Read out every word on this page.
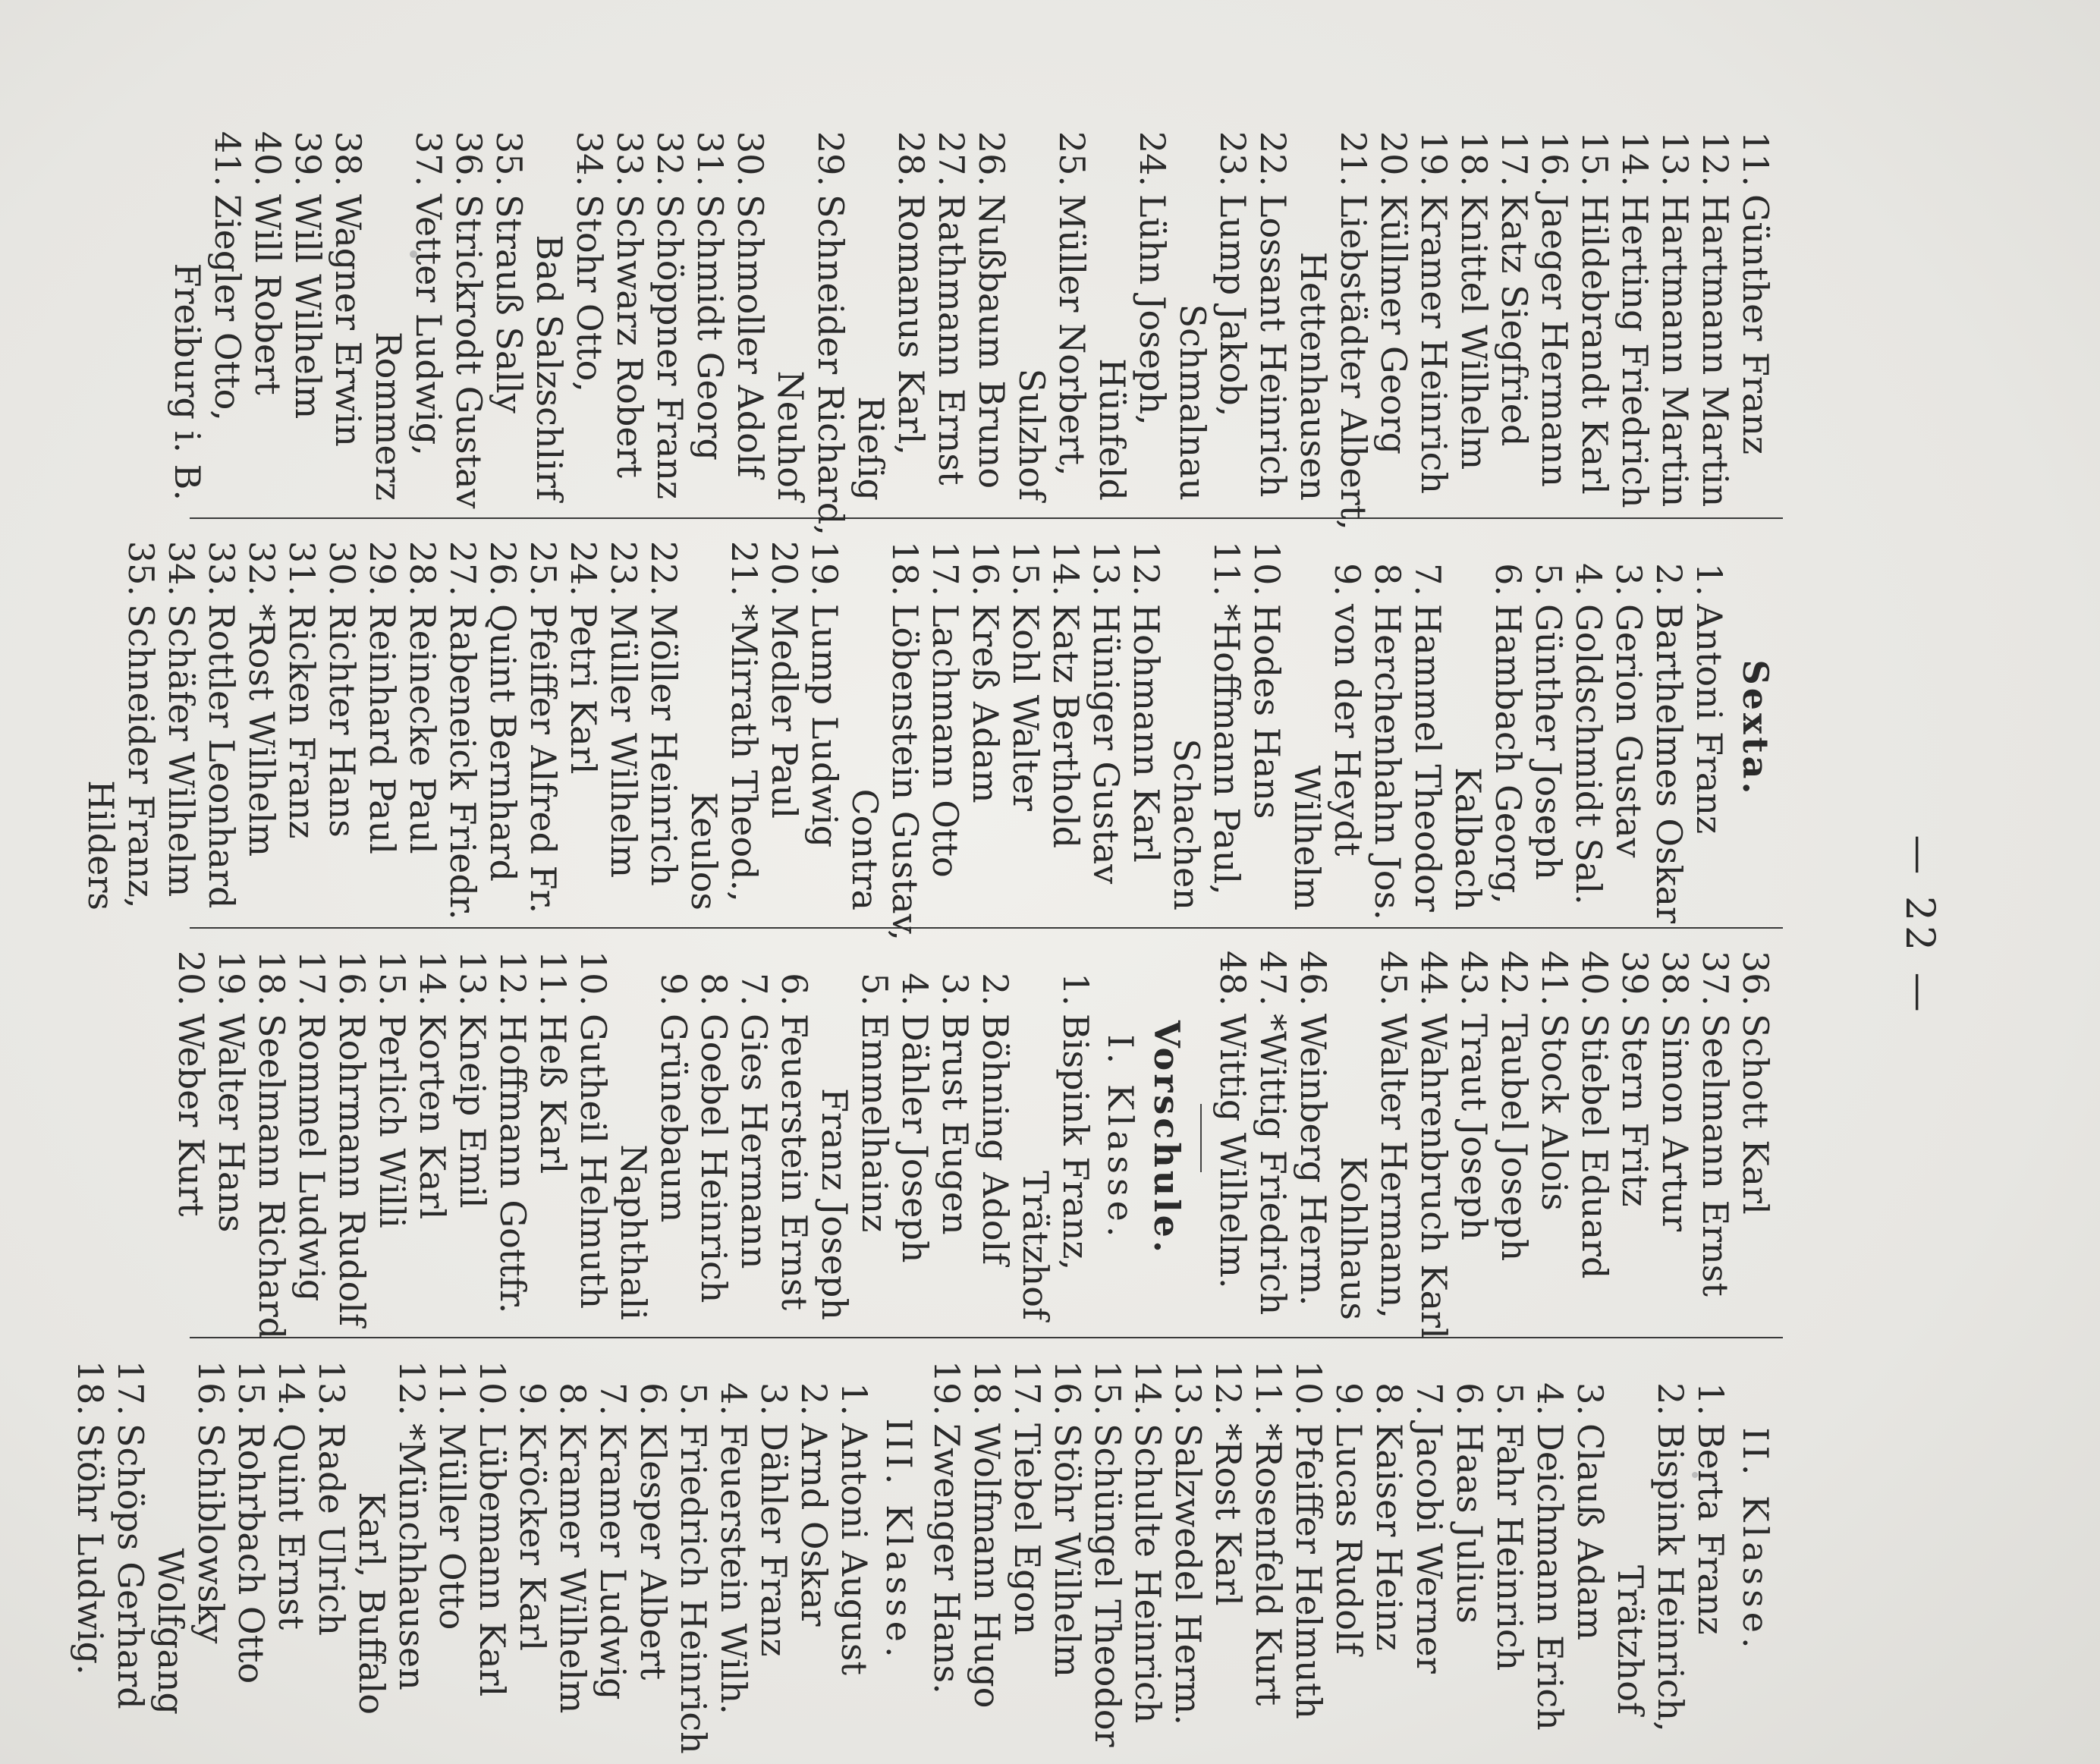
— 22 —
11.Günther Franz
12.Hartmann Martin
13.Hartmann Martin
14.Herting Friedrich
15.Hildebrandt Karl
16.Jaeger Hermann
17.Katz Siegfried
18.Knittel Wilhelm
19.Kramer Heinrich
20.Küllmer Georg
21.Liebstädter Albert,
Hettenhausen
22.Lossant Heinrich
23.Lump Jakob,
Schmalnau
24.Lühn Joseph,
Hünfeld
25.Müller Norbert,
Sulzhof
26.Nußbaum Bruno
27.Rathmann Ernst
28.Romanus Karl,
Rieſig
29.Schneider Richard,
Neuhof
30.Schmoller Adolf
31.Schmidt Georg
32.Schöppner Franz
33.Schwarz Robert
34.Stohr Otto,
Bad Salzschlirf
35.Strauß Sally
36.Strickrodt Gustav
37.Vetter Ludwig,
Rommerz
38.Wagner Erwin
39.Will Wilhelm
40.Will Robert
41.Ziegler Otto,
Freiburg i. B.
Sexta.
1.Antoni Franz
2.Barthelmes Oskar
3.Gerion Gustav
4.Goldschmidt Sal.
5.Günther Joseph
6.Hambach Georg,
Kalbach
7.Hammel Theodor
8.Herchenhahn Jos.
9.von der Heydt
Wilhelm
10.Hodes Hans
11.*Hoffmann Paul,
Schachen
12.Hohmann Karl
13.Hüniger Gustav
14.Katz Berthold
15.Kohl Walter
16.Kreß Adam
17.Lachmann Otto
18.Löbenstein Gustav,
Contra
19.Lump Ludwig
20.Medler Paul
21.*Mirrath Theod.,
Keulos
22.Möller Heinrich
23.Müller Wilhelm
24.Petri Karl
25.Pfeiffer Alfred Fr.
26.Quint Bernhard
27.Rabeneick Friedr.
28.Reinecke Paul
29.Reinhard Paul
30.Richter Hans
31.Ricken Franz
32.*Rost Wilhelm
33.Rottler Leonhard
34.Schäfer Wilhelm
35.Schneider Franz,
Hilders
36.Schott Karl
37.Seelmann Ernst
38.Simon Artur
39.Stern Fritz
40.Stiebel Eduard
41.Stock Alois
42.Taubel Joseph
43.Traut Joseph
44.Wahrenbruch Karl
45.Walter Hermann,
Kohlhaus
46.Weinberg Herm.
47.*Wittig Friedrich
48.Wittig Wilhelm.
Vorschule.
I. Klasse.
1.Bispink Franz,
Trätzhof
2.Böhning Adolf
3.Brust Eugen
4.Dähler Joseph
5.Emmelhainz
Franz Joseph
6.Feuerstein Ernst
7.Gies Hermann
8.Goebel Heinrich
9.Grünebaum
Naphthali
10.Gutheil Helmuth
11.Heß Karl
12.Hoffmann Gottfr.
13.Kneip Emil
14.Korten Karl
15.Perlich Willi
16.Rohrmann Rudolf
17.Rommel Ludwig
18.Seelmann Richard
19.Walter Hans
20.Weber Kurt
II. Klasse.
1.Berta Franz
2.Bispink Heinrich,
Trätzhof
3.Clauß Adam
4.Deichmann Erich
5.Fahr Heinrich
6.Haas Julius
7.Jacobi Werner
8.Kaiser Heinz
9.Lucas Rudolf
10.Pfeiffer Helmuth
11.*Rosenfeld Kurt
12.*Rost Karl
13.Salzwedel Herm.
14.Schulte Heinrich
15.Schüngel Theodor
16.Stöhr Wilhelm
17.Tiebel Egon
18.Wolfmann Hugo
19.Zwenger Hans.
III. Klasse.
1.Antoni August
2.Arnd Oskar
3.Dähler Franz
4.Feuerstein Wilh.
5.Friedrich Heinrich
6.Klesper Albert
7.Kramer Ludwig
8.Kramer Wilhelm
9.Kröcker Karl
10.Lübemann Karl
11.Müller Otto
12.*Münchhausen
Karl, Buffalo
13.Rade Ulrich
14.Quint Ernst
15.Rohrbach Otto
16.Schiblowsky
Wolfgang
17.Schöps Gerhard
18.Stöhr Ludwig.
